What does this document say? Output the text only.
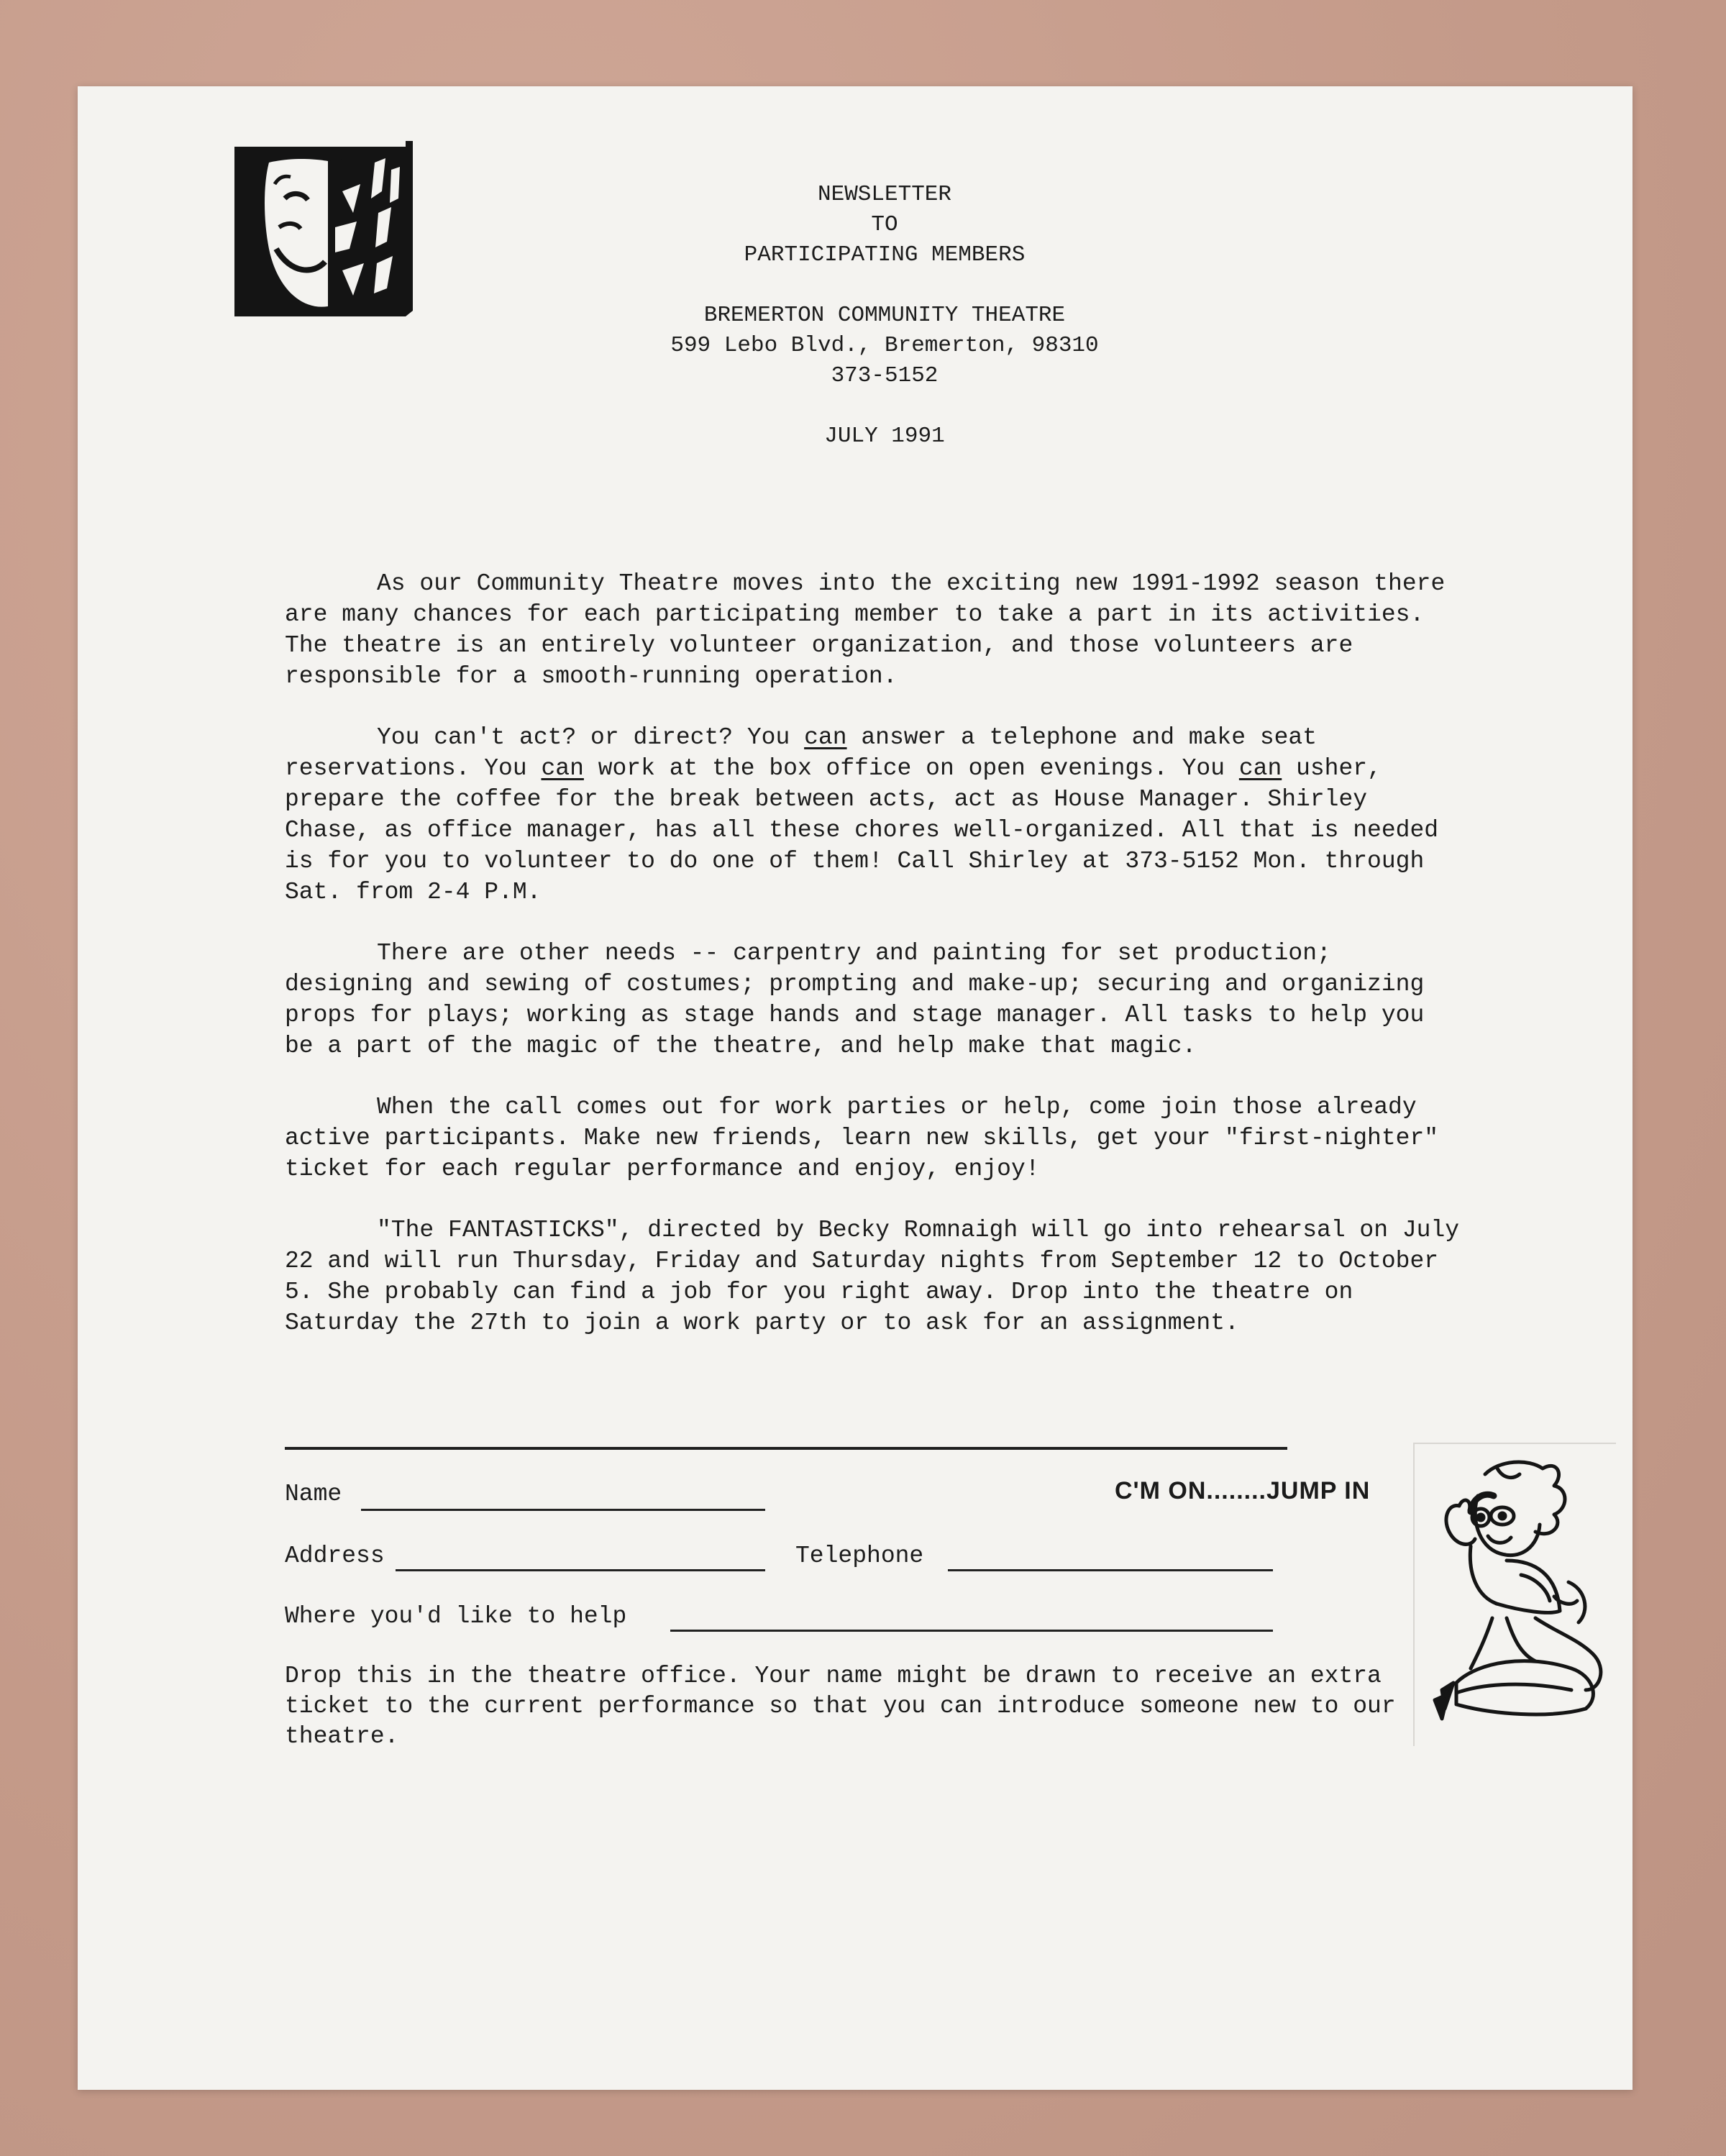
NEWSLETTER
TO
PARTICIPATING MEMBERS
BREMERTON COMMUNITY THEATRE
599 Lebo Blvd., Bremerton, 98310
373-5152
JULY 1991

As our Community Theatre moves into the exciting new 1991-1992 season there are many chances for each participating member to take a part in its activities. The theatre is an entirely volunteer organization, and those volunteers are responsible for a smooth-running operation.

You can't act? or direct? You can answer a telephone and make seat reservations. You can work at the box office on open evenings. You can usher, prepare the coffee for the break between acts, act as House Manager. Shirley Chase, as office manager, has all these chores well-organized. All that is needed is for you to volunteer to do one of them! Call Shirley at 373-5152 Mon. through Sat. from 2-4 P.M.

There are other needs -- carpentry and painting for set production; designing and sewing of costumes; prompting and make-up; securing and organizing props for plays; working as stage hands and stage manager. All tasks to help you be a part of the magic of the theatre, and help make that magic.

When the call comes out for work parties or help, come join those already active participants. Make new friends, learn new skills, get your "first-nighter" ticket for each regular performance and enjoy, enjoy!

"The FANTASTICKS", directed by Becky Romnaigh will go into rehearsal on July 22 and will run Thursday, Friday and Saturday nights from September 12 to October 5. She probably can find a job for you right away. Drop into the theatre on Saturday the 27th to join a work party or to ask for an assignment.

Name	C'M ON........JUMP IN
Address	Telephone
Where you'd like to help
Drop this in the theatre office. Your name might be drawn to receive an extra ticket to the current performance so that you can introduce someone new to our theatre.
